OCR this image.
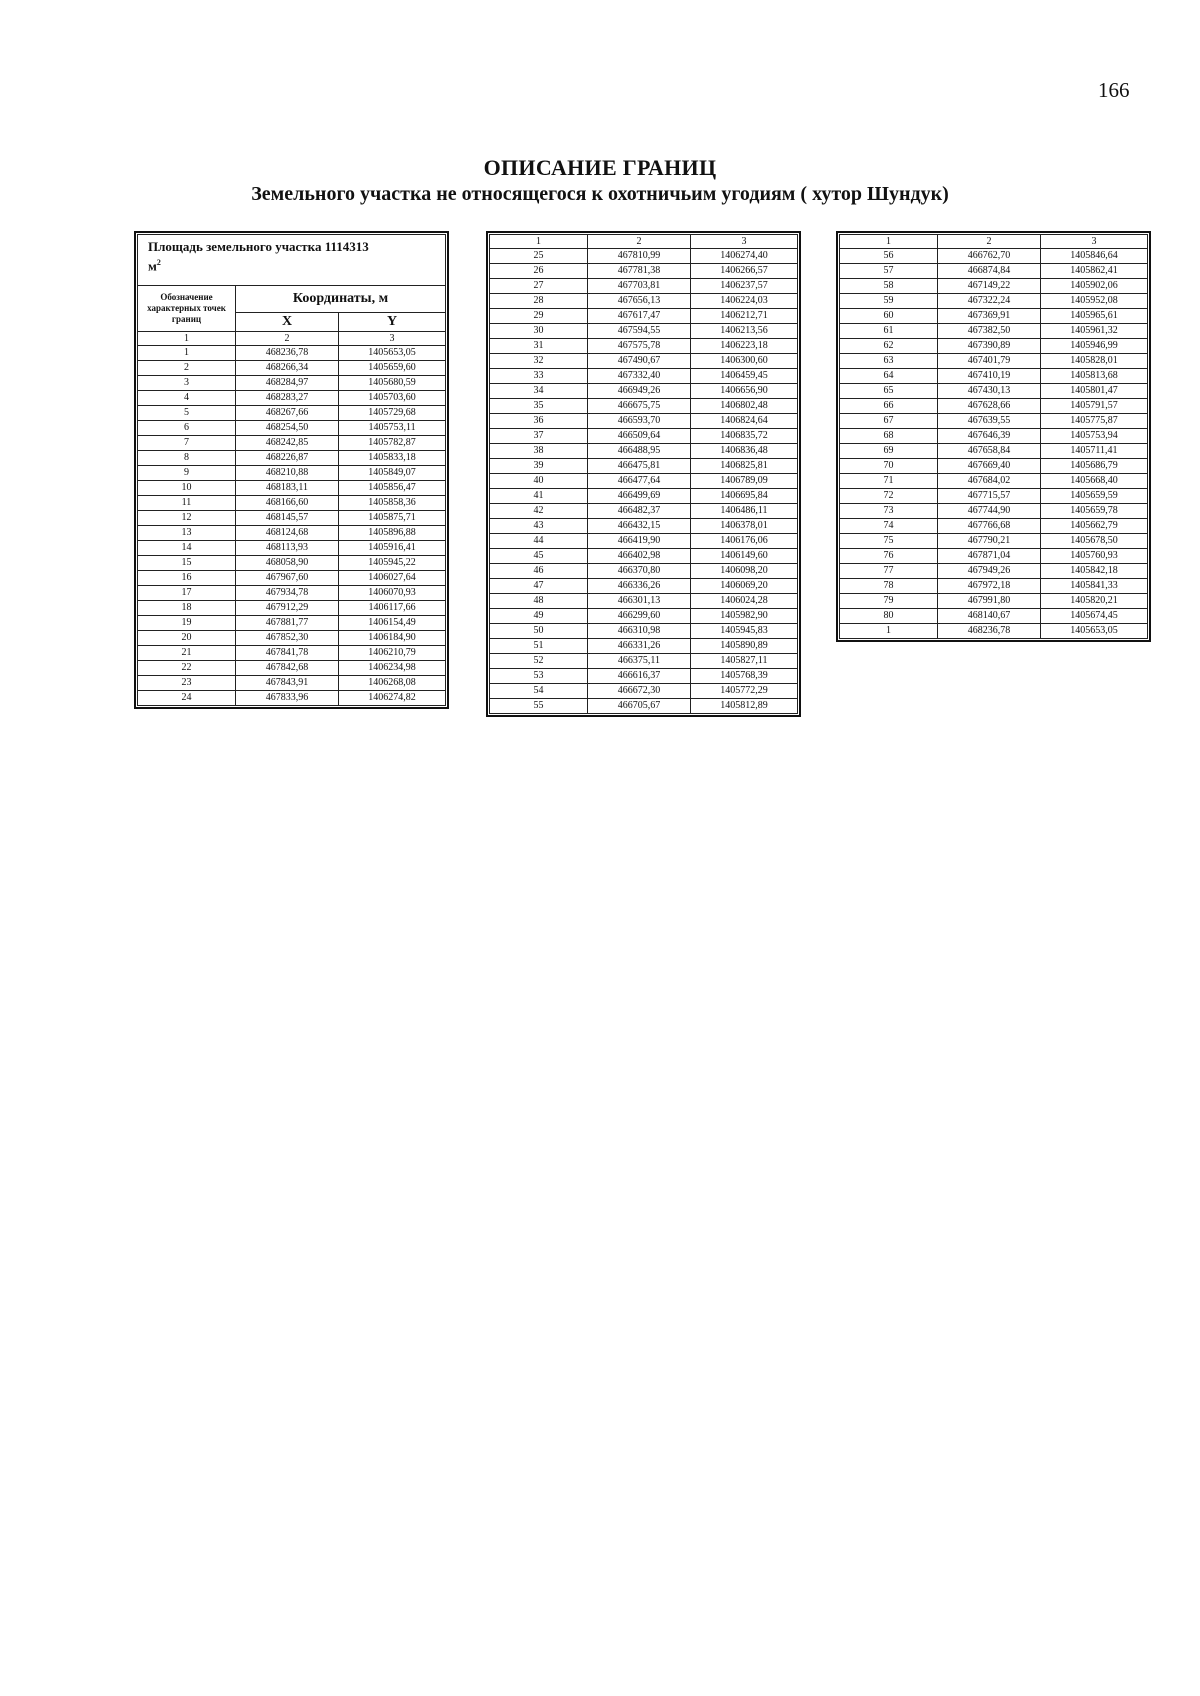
166
ОПИСАНИЕ ГРАНИЦ
Земельного участка не относящегося к охотничьим угодиям ( хутор Шундук)
Площадь земельного участка 1114313
$м^2$
Обозначение характерных точек границ	Координаты, м	
	X	Y
1	2	3
1	468236,78	1405653,05
2	468266,34	1405659,60
3	468284,97	1405680,59
4	468283,27	1405703,60
5	468267,66	1405729,68
6	468254,50	1405753,11
7	468242,85	1405782,87
8	468226,87	1405833,18
9	468210,88	1405849,07
10	468183,11	1405856,47
11	468166,60	1405858,36
12	468145,57	1405875,71
13	468124,68	1405896,88
14	468113,93	1405916,41
15	468058,90	1405945,22
16	467967,60	1406027,64
17	467934,78	1406070,93
18	467912,29	1406117,66
19	467881,77	1406154,49
20	467852,30	1406184,90
21	467841,78	1406210,79
22	467842,68	1406234,98
23	467843,91	1406268,08
24	467833,96	1406274,82
1	2	3
25	467810,99	1406274,40
26	467781,38	1406266,57
27	467703,81	1406237,57
28	467656,13	1406224,03
29	467617,47	1406212,71
30	467594,55	1406213,56
31	467575,78	1406223,18
32	467490,67	1406300,60
33	467332,40	1406459,45
34	466949,26	1406656,90
35	466675,75	1406802,48
36	466593,70	1406824,64
37	466509,64	1406835,72
38	466488,95	1406836,48
39	466475,81	1406825,81
40	466477,64	1406789,09
41	466499,69	1406695,84
42	466482,37	1406486,11
43	466432,15	1406378,01
44	466419,90	1406176,06
45	466402,98	1406149,60
46	466370,80	1406098,20
47	466336,26	1406069,20
48	466301,13	1406024,28
49	466299,60	1405982,90
50	466310,98	1405945,83
51	466331,26	1405890,89
52	466375,11	1405827,11
53	466616,37	1405768,39
54	466672,30	1405772,29
55	466705,67	1405812,89
1	2	3
56	466762,70	1405846,64
57	466874,84	1405862,41
58	467149,22	1405902,06
59	467322,24	1405952,08
60	467369,91	1405965,61
61	467382,50	1405961,32
62	467390,89	1405946,99
63	467401,79	1405828,01
64	467410,19	1405813,68
65	467430,13	1405801,47
66	467628,66	1405791,57
67	467639,55	1405775,87
68	467646,39	1405753,94
69	467658,84	1405711,41
70	467669,40	1405686,79
71	467684,02	1405668,40
72	467715,57	1405659,59
73	467744,90	1405659,78
74	467766,68	1405662,79
75	467790,21	1405678,50
76	467871,04	1405760,93
77	467949,26	1405842,18
78	467972,18	1405841,33
79	467991,80	1405820,21
80	468140,67	1405674,45
1	468236,78	1405653,05
